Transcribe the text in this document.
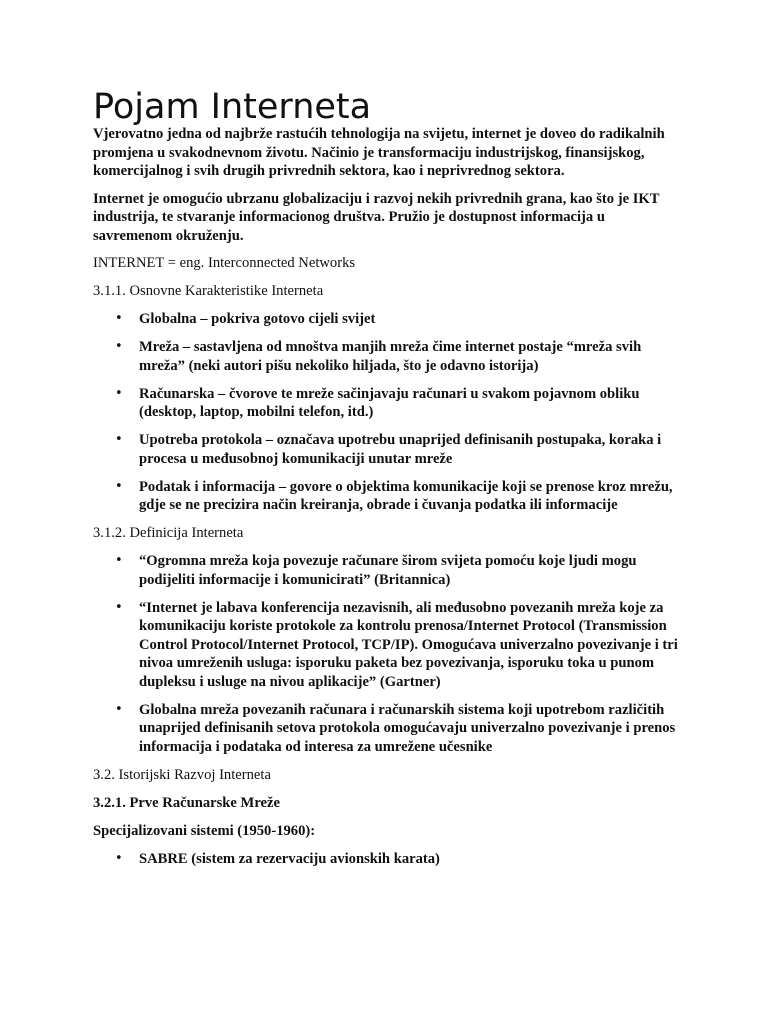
Pojam Interneta

Vjerovatno jedna od najbrže rastućih tehnologija na svijetu, internet je doveo do radikalnih promjena u svakodnevnom životu. Načinio je transformaciju industrijskog, finansijskog, komercijalnog i svih drugih privrednih sektora, kao i neprivrednog sektora.

Internet je omogućio ubrzanu globalizaciju i razvoj nekih privrednih grana, kao što je IKT industrija, te stvaranje informacionog društva. Pružio je dostupnost informacija u savremenom okruženju.

INTERNET = eng. Interconnected Networks

3.1.1. Osnovne Karakteristike Interneta

• Globalna – pokriva gotovo cijeli svijet
• Mreža – sastavljena od mnoštva manjih mreža čime internet postaje “mreža svih mreža” (neki autori pišu nekoliko hiljada, što je odavno istorija)
• Računarska – čvorove te mreže sačinjavaju računari u svakom pojavnom obliku (desktop, laptop, mobilni telefon, itd.)
• Upotreba protokola – označava upotrebu unaprijed definisanih postupaka, koraka i procesa u međusobnoj komunikaciji unutar mreže
• Podatak i informacija – govore o objektima komunikacije koji se prenose kroz mrežu, gdje se ne precizira način kreiranja, obrade i čuvanja podatka ili informacije

3.1.2. Definicija Interneta

• “Ogromna mreža koja povezuje računare širom svijeta pomoću koje ljudi mogu podijeliti informacije i komunicirati” (Britannica)
• “Internet je labava konferencija nezavisnih, ali međusobno povezanih mreža koje za komunikaciju koriste protokole za kontrolu prenosa/Internet Protocol (Transmission Control Protocol/Internet Protocol, TCP/IP). Omogućava univerzalno povezivanje i tri nivoa umreženih usluga: isporuku paketa bez povezivanja, isporuku toka u punom dupleksu i usluge na nivou aplikacije” (Gartner)
• Globalna mreža povezanih računara i računarskih sistema koji upotrebom različitih unaprijed definisanih setova protokola omogućavaju univerzalno povezivanje i prenos informacija i podataka od interesa za umrežene učesnike

3.2. Istorijski Razvoj Interneta

3.2.1. Prve Računarske Mreže

Specijalizovani sistemi (1950-1960):

• SABRE (sistem za rezervaciju avionskih karata)
